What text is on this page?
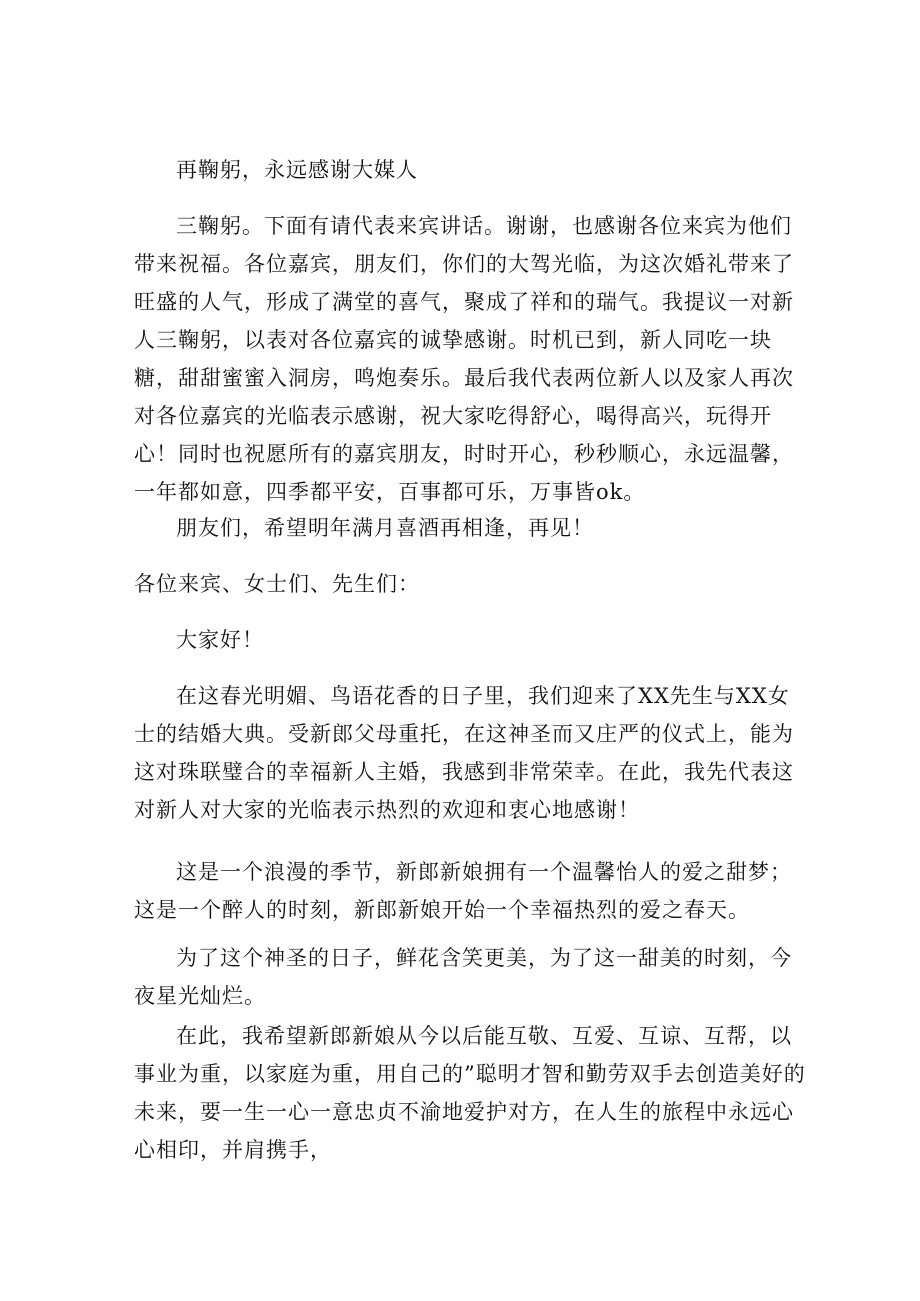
再鞠躬，永远感谢大媒人

三鞠躬。下面有请代表来宾讲话。谢谢，也感谢各位来宾为他们带来祝福。各位嘉宾，朋友们，你们的大驾光临，为这次婚礼带来了旺盛的人气，形成了满堂的喜气，聚成了祥和的瑞气。我提议一对新人三鞠躬，以表对各位嘉宾的诚挚感谢。时机已到，新人同吃一块糖，甜甜蜜蜜入洞房，鸣炮奏乐。最后我代表两位新人以及家人再次对各位嘉宾的光临表示感谢，祝大家吃得舒心，喝得高兴，玩得开心！同时也祝愿所有的嘉宾朋友，时时开心，秒秒顺心，永远温馨，一年都如意，四季都平安，百事都可乐，万事皆ok。

朋友们，希望明年满月喜酒再相逢，再见！

各位来宾、女士们、先生们：

大家好！

在这春光明媚、鸟语花香的日子里，我们迎来了XX先生与XX女士的结婚大典。受新郎父母重托，在这神圣而又庄严的仪式上，能为这对珠联璧合的幸福新人主婚，我感到非常荣幸。在此，我先代表这对新人对大家的光临表示热烈的欢迎和衷心地感谢！

这是一个浪漫的季节，新郎新娘拥有一个温馨怡人的爱之甜梦；这是一个醉人的时刻，新郎新娘开始一个幸福热烈的爱之春天。

为了这个神圣的日子，鲜花含笑更美，为了这一甜美的时刻，今夜星光灿烂。

在此，我希望新郎新娘从今以后能互敬、互爱、互谅、互帮，以事业为重，以家庭为重，用自己的”聪明才智和勤劳双手去创造美好的未来，要一生一心一意忠贞不渝地爱护对方，在人生的旅程中永远心心相印，并肩携手，
